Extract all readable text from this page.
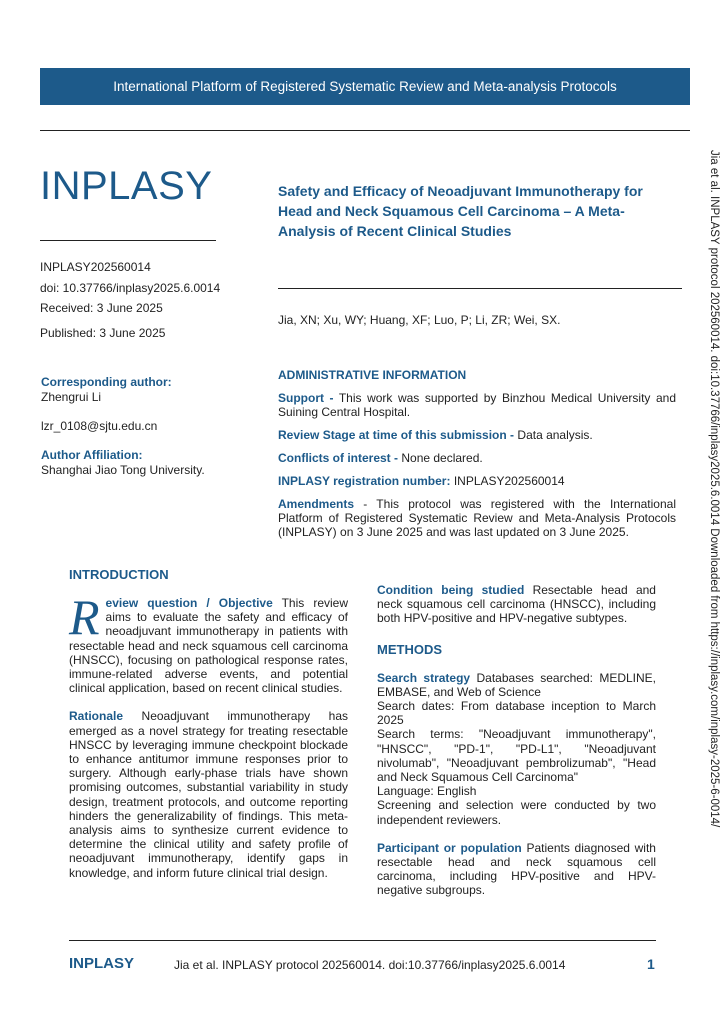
International Platform of Registered Systematic Review and Meta-analysis Protocols
INPLASY
INPLASY202560014
doi: 10.37766/inplasy2025.6.0014
Received: 3 June 2025
Published: 3 June 2025
Safety and Efficacy of Neoadjuvant Immunotherapy for Head and Neck Squamous Cell Carcinoma – A Meta-Analysis of Recent Clinical Studies
Jia, XN; Xu, WY; Huang, XF; Luo, P; Li, ZR; Wei, SX.
Corresponding author:
Zhengrui Li
lzr_0108@sjtu.edu.cn
Author Affiliation:
Shanghai Jiao Tong University.
ADMINISTRATIVE INFORMATION
Support - This work was supported by Binzhou Medical University and Suining Central Hospital.
Review Stage at time of this submission - Data analysis.
Conflicts of interest - None declared.
INPLASY registration number: INPLASY202560014
Amendments - This protocol was registered with the International Platform of Registered Systematic Review and Meta-Analysis Protocols (INPLASY) on 3 June 2025 and was last updated on 3 June 2025.
INTRODUCTION
Review question / Objective This review aims to evaluate the safety and efficacy of neoadjuvant immunotherapy in patients with resectable head and neck squamous cell carcinoma (HNSCC), focusing on pathological response rates, immune-related adverse events, and potential clinical application, based on recent clinical studies.
Rationale Neoadjuvant immunotherapy has emerged as a novel strategy for treating resectable HNSCC by leveraging immune checkpoint blockade to enhance antitumor immune responses prior to surgery. Although early-phase trials have shown promising outcomes, substantial variability in study design, treatment protocols, and outcome reporting hinders the generalizability of findings. This meta-analysis aims to synthesize current evidence to determine the clinical utility and safety profile of neoadjuvant immunotherapy, identify gaps in knowledge, and inform future clinical trial design.
Condition being studied Resectable head and neck squamous cell carcinoma (HNSCC), including both HPV-positive and HPV-negative subtypes.
METHODS
Search strategy Databases searched: MEDLINE, EMBASE, and Web of Science
Search dates: From database inception to March 2025
Search terms: "Neoadjuvant immunotherapy", "HNSCC", "PD-1", "PD-L1", "Neoadjuvant nivolumab", "Neoadjuvant pembrolizumab", "Head and Neck Squamous Cell Carcinoma"
Language: English
Screening and selection were conducted by two independent reviewers.
Participant or population Patients diagnosed with resectable head and neck squamous cell carcinoma, including HPV-positive and HPV-negative subgroups.
Jia et al. INPLASY protocol 202560014. doi:10.37766/inplasy2025.6.0014 Downloaded from https://inplasy.com/inplasy-2025-6-0014/
INPLASY	Jia et al. INPLASY protocol 202560014. doi:10.37766/inplasy2025.6.0014	1
